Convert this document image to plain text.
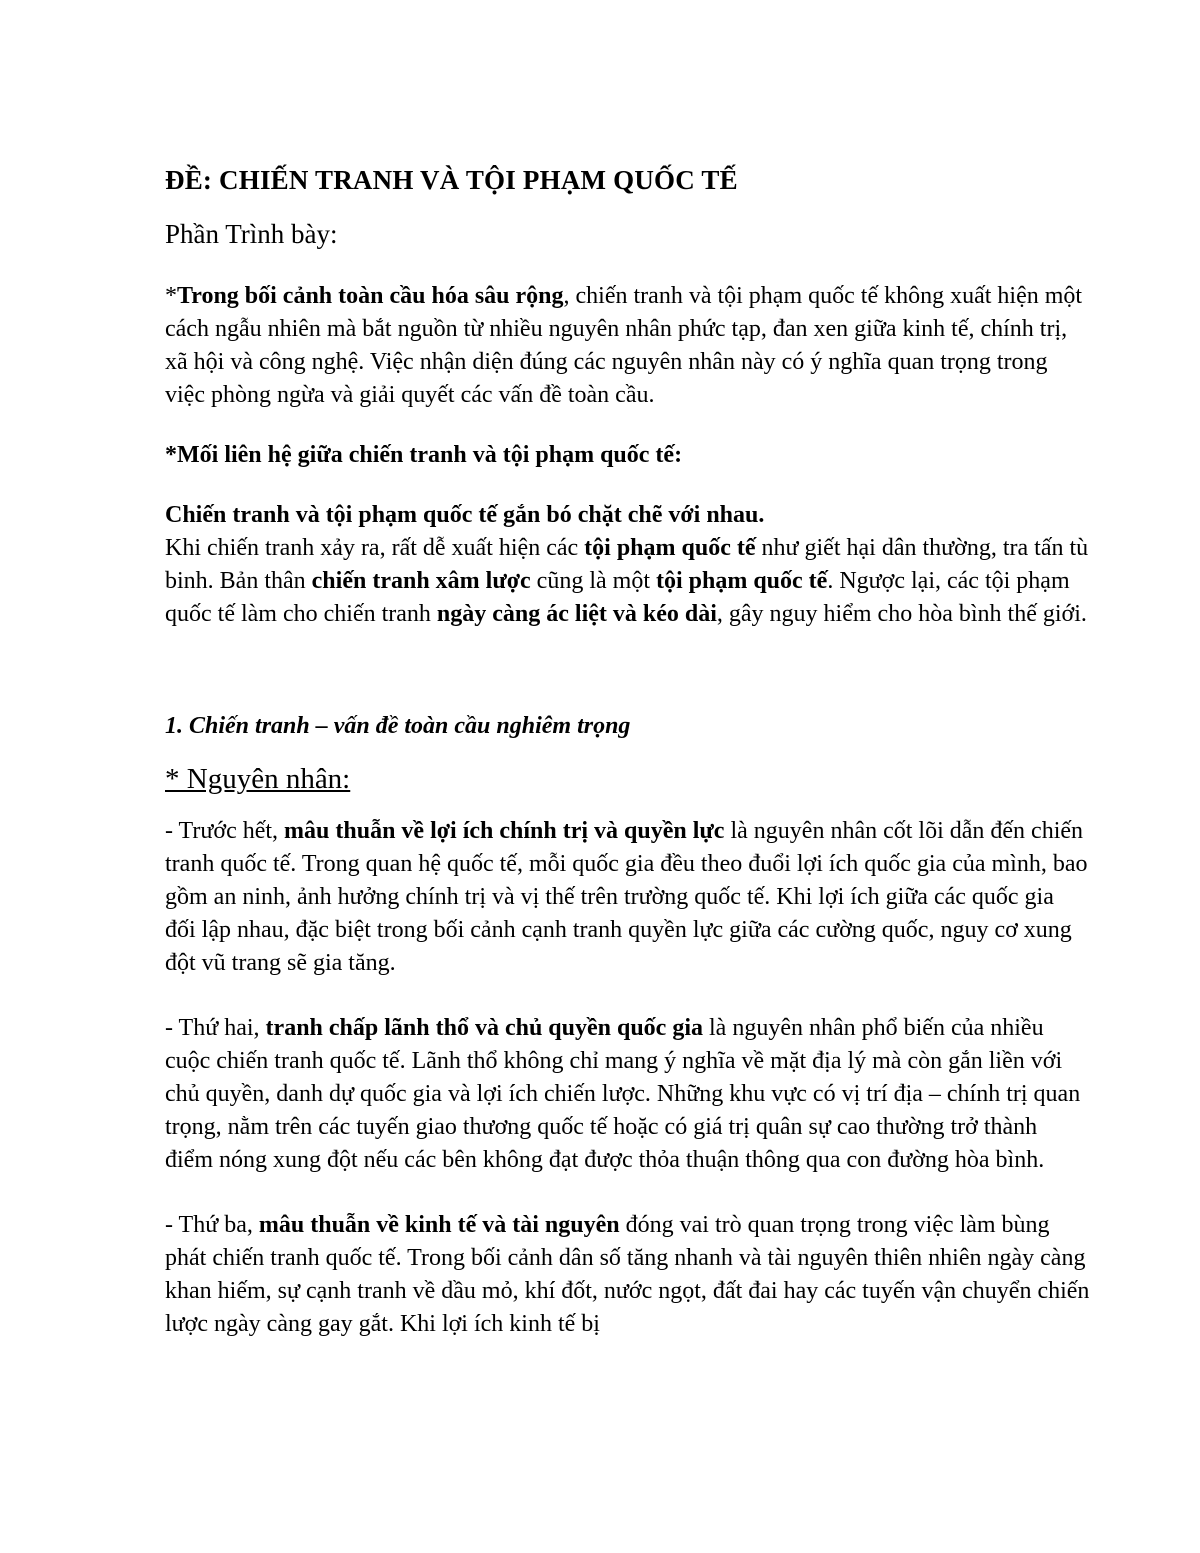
ĐỀ: CHIẾN TRANH VÀ TỘI PHẠM QUỐC TẾ
Phần Trình bày:

*Trong bối cảnh toàn cầu hóa sâu rộng, chiến tranh và tội phạm quốc tế không xuất hiện một cách ngẫu nhiên mà bắt nguồn từ nhiều nguyên nhân phức tạp, đan xen giữa kinh tế, chính trị, xã hội và công nghệ. Việc nhận diện đúng các nguyên nhân này có ý nghĩa quan trọng trong việc phòng ngừa và giải quyết các vấn đề toàn cầu.

*Mối liên hệ giữa chiến tranh và tội phạm quốc tế:

Chiến tranh và tội phạm quốc tế gắn bó chặt chẽ với nhau.

Khi chiến tranh xảy ra, rất dễ xuất hiện các tội phạm quốc tế như giết hại dân thường, tra tấn tù binh. Bản thân chiến tranh xâm lược cũng là một tội phạm quốc tế. Ngược lại, các tội phạm quốc tế làm cho chiến tranh ngày càng ác liệt và kéo dài, gây nguy hiểm cho hòa bình thế giới.

1. Chiến tranh – vấn đề toàn cầu nghiêm trọng
* Nguyên nhân:

- Trước hết, mâu thuẫn về lợi ích chính trị và quyền lực là nguyên nhân cốt lõi dẫn đến chiến tranh quốc tế. Trong quan hệ quốc tế, mỗi quốc gia đều theo đuổi lợi ích quốc gia của mình, bao gồm an ninh, ảnh hưởng chính trị và vị thế trên trường quốc tế. Khi lợi ích giữa các quốc gia đối lập nhau, đặc biệt trong bối cảnh cạnh tranh quyền lực giữa các cường quốc, nguy cơ xung đột vũ trang sẽ gia tăng.

- Thứ hai, tranh chấp lãnh thổ và chủ quyền quốc gia là nguyên nhân phổ biến của nhiều cuộc chiến tranh quốc tế. Lãnh thổ không chỉ mang ý nghĩa về mặt địa lý mà còn gắn liền với chủ quyền, danh dự quốc gia và lợi ích chiến lược. Những khu vực có vị trí địa – chính trị quan trọng, nằm trên các tuyến giao thương quốc tế hoặc có giá trị quân sự cao thường trở thành điểm nóng xung đột nếu các bên không đạt được thỏa thuận thông qua con đường hòa bình.

- Thứ ba, mâu thuẫn về kinh tế và tài nguyên đóng vai trò quan trọng trong việc làm bùng phát chiến tranh quốc tế. Trong bối cảnh dân số tăng nhanh và tài nguyên thiên nhiên ngày càng khan hiếm, sự cạnh tranh về dầu mỏ, khí đốt, nước ngọt, đất đai hay các tuyến vận chuyển chiến lược ngày càng gay gắt. Khi lợi ích kinh tế bị
